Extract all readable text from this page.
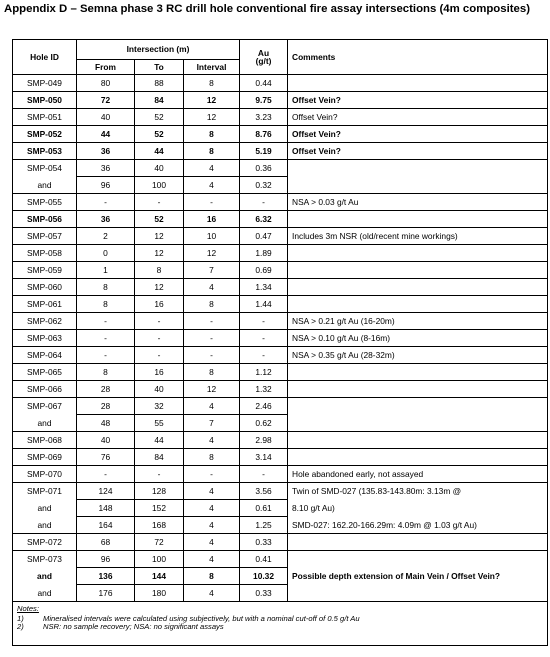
Appendix D – Semna phase 3 RC drill hole conventional fire assay intersections (4m composites)
Hole ID	Intersection (m)			Au
(g/t)	Comments
	From	To	Interval		
SMP-049	80	88	8	0.44	
SMP-050	72	84	12	9.75	Offset Vein?
SMP-051	40	52	12	3.23	Offset Vein?
SMP-052	44	52	8	8.76	Offset Vein?
SMP-053	36	44	8	5.19	Offset Vein?
SMP-054	36	40	4	0.36	
and	96	100	4	0.32	
SMP-055	-	-	-	-	NSA > 0.03 g/t Au
SMP-056	36	52	16	6.32	
SMP-057	2	12	10	0.47	Includes 3m NSR (old/recent mine workings)
SMP-058	0	12	12	1.89	
SMP-059	1	8	7	0.69	
SMP-060	8	12	4	1.34	
SMP-061	8	16	8	1.44	
SMP-062	-	-	-	-	NSA > 0.21 g/t Au (16-20m)
SMP-063	-	-	-	-	NSA > 0.10 g/t Au (8-16m)
SMP-064	-	-	-	-	NSA > 0.35 g/t Au (28-32m)
SMP-065	8	16	8	1.12	
SMP-066	28	40	12	1.32	
SMP-067	28	32	4	2.46	
and	48	55	7	0.62	
SMP-068	40	44	4	2.98	
SMP-069	76	84	8	3.14	
SMP-070	-	-	-	-	Hole abandoned early, not assayed
SMP-071	124	128	4	3.56	Twin of SMD-027 (135.83-143.80m: 3.13m @
and	148	152	4	0.61	8.10 g/t Au)
and	164	168	4	1.25	SMD-027: 162.20-166.29m: 4.09m @ 1.03 g/t Au)
SMP-072	68	72	4	0.33	
SMP-073	96	100	4	0.41	
and	136	144	8	10.32	Possible depth extension of Main Vein / Offset Vein?
and	176	180	4	0.33	

Notes:
1) Mineralised intervals were calculated using subjectively, but with a nominal cut-off of 0.5 g/t Au
2) NSR: no sample recovery; NSA: no significant assays					
